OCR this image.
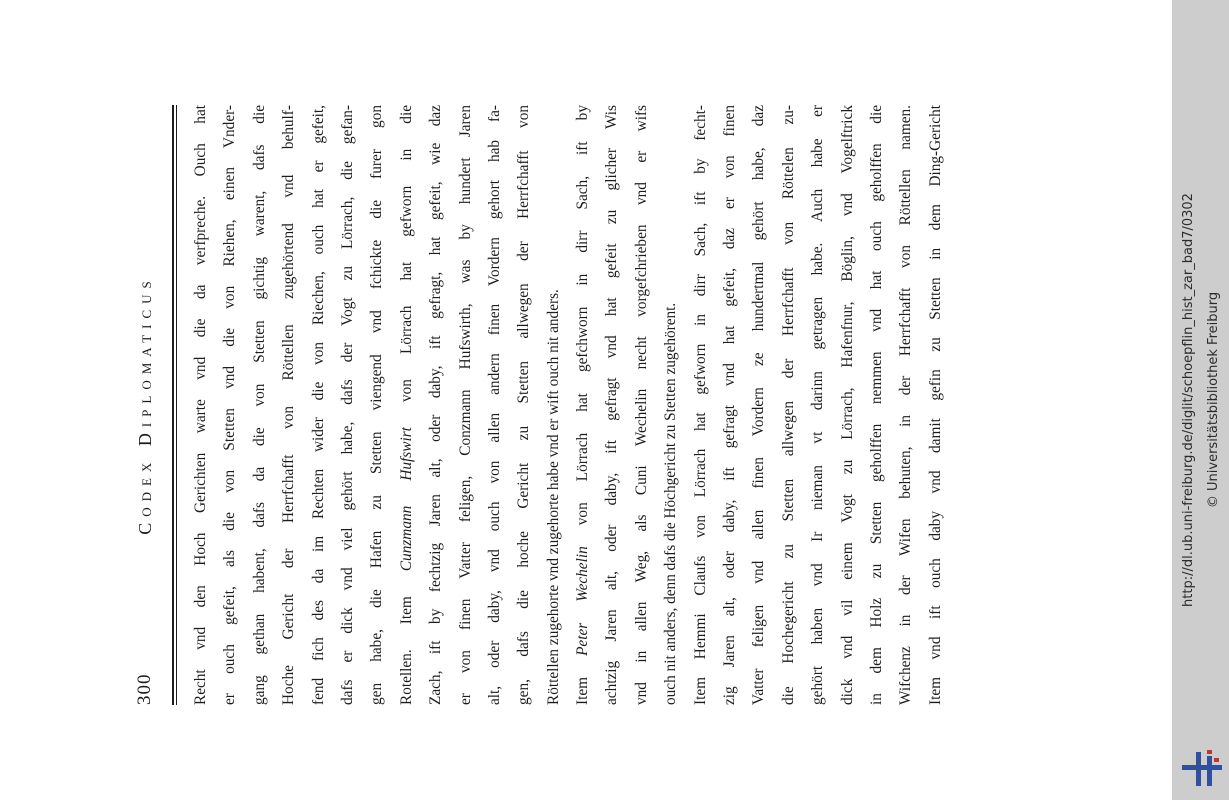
300
Codex Diplomaticus	Recht vnd den Hoch Gerichten warte vnd die da verfpreche. Ouch hat er ouch gefeit, als die von Stetten vnd die von Riehen, einen Vnder- gang gethan habent, dafs da die von Stetten gichtig warent, dafs die Hoche Gericht der Herrfchafft von Röttellen zugehörtend vnd behulf- fend fich des da im Rechten wider die von Riechen, ouch hat er gefeit, dafs er dick vnd viel gehört habe, dafs der Vogt zu Lörrach, die gefan- gen habe, die Hafen zu Stetten viengend vnd fchickte die furer gon Rotellen. Item Cunzmann Hufswirt von Lörrach hat gefworn in die Zach, ift by fechtzig Jaren alt, oder daby, ift gefragt, hat gefeit, wie daz er von finen Vatter feligen, Conzmann Hufswirth, was by hundert Jaren alt, oder daby, vnd ouch von allen andern finen Vordern gehort hab fa- gen, dafs die hoche Gericht zu Stetten allwegen der Herrfchafft von Röttellen zugehorte vnd zugehorte habe vnd er wift ouch nit anders. Item Peter Wechelin von Lörrach hat gefchworn in dirr Sach, ift by achtzig Jaren alt, oder daby, ift gefragt vnd hat gefeit zu glicher Wis vnd in allen Weg, als Cuni Wechelin necht vorgefchrieben vnd er wifs ouch nit anders, denn dafs die Höchgericht zu Stetten zugehörent. Item Hemmi Claufs von Lörrach hat gefworn in dirr Sach, ift by fecht- zig Jaren alt, oder daby, ift gefragt vnd hat gefeit, daz er von finen Vatter feligen vnd allen finen Vordern ze hundertmal gehört habe, daz die Hochegericht zu Stetten allwegen der Herrfchafft von Röttelen zu- gehört haben vnd Ir nieman vt darinn getragen habe. Auch habe er dick vnd vil einem Vogt zu Lörrach, Hafenfnur, Böglin, vnd Vogelftrick in dem Holz zu Stetten geholffen nemmen vnd hat ouch geholffen die Wifchenz in der Wifen behuten, in der Herrfchafft von Röttellen namen. Item vnd ift ouch daby vnd damit gefin zu Stetten in dem Ding-Gericht	http://dl.ub.uni-freiburg.de/diglit/schoepflin_hist_zar_bad7/0302 © Universitätsbibliothek Freiburg
